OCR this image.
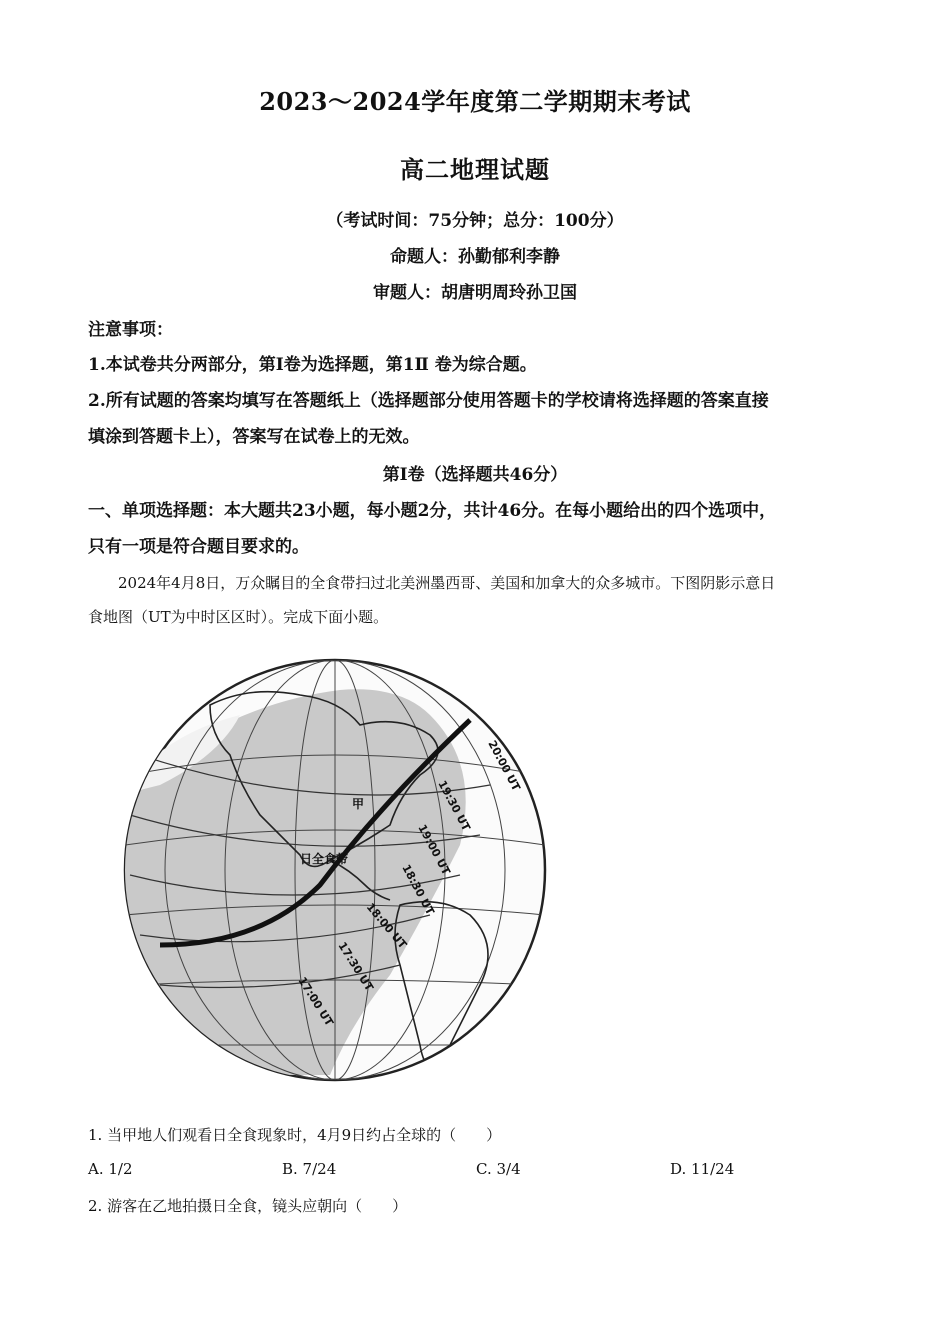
2023～2024学年度第二学期期末考试
高二地理试题
（考试时间：75分钟；总分：100分）
命题人：孙勤郁利李静
审题人：胡唐明周玲孙卫国
注意事项：
1.本试卷共分两部分，第I卷为选择题，第1Ⅱ 卷为综合题。
2.所有试题的答案均填写在答题纸上（选择题部分使用答题卡的学校请将选择题的答案直接
填涂到答题卡上），答案写在试卷上的无效。
第I卷（选择题共46分）
一、单项选择题：本大题共23小题，每小题2分，共计46分。在每小题给出的四个选项中，
只有一项是符合题目要求的。
2024年4月8日，万众瞩目的全食带扫过北美洲墨西哥、美国和加拿大的众多城市。下图阴影示意日
食地图（UT为中时区区时）。完成下面小题。
甲
日全食带
20:00 UT
19:30 UT
19:00 UT
18:30 UT
18:00 UT
17:30 UT
17:00 UT
1. 当甲地人们观看日全食现象时，4月9日约占全球的（　　）
A. 1/2	B. 7/24	C. 3/4	D. 11/24
2. 游客在乙地拍摄日全食，镜头应朝向（　　）
